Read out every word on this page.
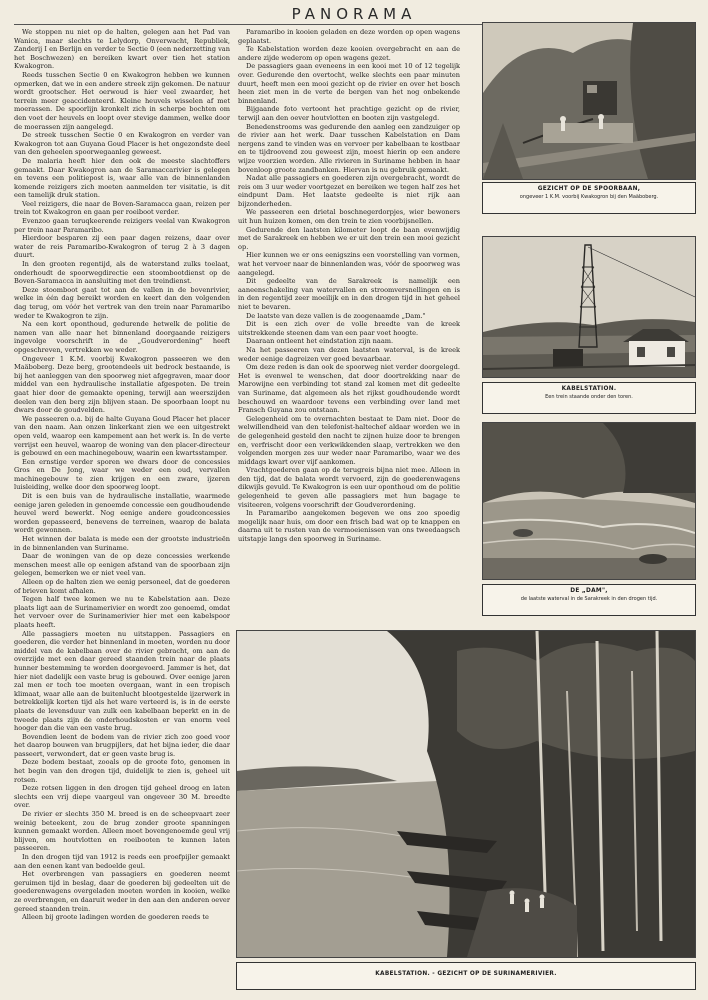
PANORAMA

We stoppen nu niet op de halten, gelegen aan het Pad van Wanica, maar slechts te Lelydorp, Onverwacht, Republiek, Zanderij I en Berlijn en verder te Sectie 0 (een nederzetting van het Boschwezen) en bereiken kwart over tien het station Kwakogron.

Reeds tusschen Sectie 0 en Kwakogron hebben we kunnen opmerken, dat we in een andere streek zijn gekomen. De natuur wordt grootscher. Het oerwoud is hier veel zwaarder, het terrein meer geaccidenteerd. Kleine heuvels wisselen af met moerassen. De spoorlijn kronkelt zich in scherpe bochten om den voet der heuvels en loopt over stevige dammen, welke door de moerassen zijn aangelegd.

De streek tusschen Sectie 0 en Kwakogron en verder van Kwakogron tot aan Guyana Goud Placer is het ongezondste deel van den geheelen spoorwegaanleg geweest.

De malaria heeft hier den ook de meeste slachtoffers gemaakt. Daar Kwakogron aan de Saramaccarivier is gelegen en tevens een politiepost is, waar alle van de binnenlanden komende reizigers zich moeten aanmelden ter visitatie, is dit een tamelijk druk station.

Veel reizigers, die naar de Boven-Saramacca gaan, reizen per trein tot Kwakogron en gaan per roeiboot verder.

Evenzoo gaan teruqkeerende reizigers veelal van Kwakogron per trein naar Paramaribo.

Hierdoor besparen zij een paar dagen reizens, daar over water de reis Paramaribo-Kwakogron of terug 2 à 3 dagen duurt.

In den grooten regentijd, als de waterstand zulks toelaat, onderhoudt de spoorwegdirectie een stoombootdienst op de Boven-Saramacca in aansluiting met den treindienst.

Deze stoomboot gaat tot aan de vallen in de bovenrivier, welke in één dag bereikt worden en keert dan den volgenden dag terug, om vóór het vertrek van den trein naar Paramaribo weder te Kwakogron te zijn.

Na een kort oponthoud, gedurende hetwelk de politie de namen van alle naar het binnenland doorgaande reizigers ingevolge voorschrift in de „Goudverordening" heeft opgeschreven, vertrekken we weder.

Ongeveer 1 K.M. voorbij Kwakogron passeeren we den Maäboberg. Deze berg, grootendeels uit bedrock bestaande, is bij het aanleggen van den spoorweg niet afgegraven, maar door middel van een hydraulische installatie afgespoten. De trein gaat hier door de gemaakte opening, terwijl aan weerszijden deelen van den berg zijn blijven staan. De spoorbaan loopt nu dwars door de goudvelden.

We passeeren o.a. bij de halte Guyana Goud Placer het placer van den naam. Aan onzen linkerkant zien we een uitgestrekt open veld, waarop een kampement aan het werk is. In de verte verrijst een heuvel, waarop de woning van den placer-directeur is gebouwd en een machinegebouw, waarin een kwartsstamper.

Een ernstige verder sporen we dwars door de concessies Gros en De Jong, waar we weder een oud, vervallen machinegebouw te zien krijgen en een zware, ijzeren luisleiding, welke door den spoorweg loopt.

Dit is een buis van de hydraulische installatie, waarmede eenige jaren geleden in genoemde concessie een goudhoudende heuvel werd bewerkt. Nog eenige andere goudconcessies worden gepasseerd, benevens de terreinen, waarop de balata wordt gewonnen.

Het winnen der balata is mede een der grootste industrieën in de binnenlanden van Suriname.

Daar de woningen van de op deze concessies werkende menschen meest alle op eenigen afstand van de spoorbaan zijn gelegen, bemerken we er niet veel van.

Alleen op de halten zien we eenig personeel, dat de goederen of brieven komt afhalen.

Tegen half twee komen we nu te Kabelstation aan. Deze plaats ligt aan de Surinamerivier en wordt zoo genoemd, omdat het vervoer over de Surinamerivier hier met een kabelspoor plaats heeft.

Alle passagiers moeten nu uitstappen. Passagiers en goederen, die verder het binnenland in moeten, worden nu door middel van de kabelbaan over de rivier gebracht, om aan de overzijde met een daar gereed staanden trein naar de plaats hunner bestemming te worden doorgevoerd. Jammer is het, dat hier niet dadelijk een vaste brug is gebouwd. Over eenige jaren zal men er toch toe moeten overgaan, want in een tropisch klimaat, waar alle aan de buitenlucht blootgestelde ijzerwerk in betrekkelijk korten tijd als het ware verteerd is, is in de eerste plaats de levensduur van zulk een kabelbaan beperkt en in de tweede plaats zijn de onderhoudskosten er van enorm veel hooger dan die van een vaste brug.

Bovendien leent de bodem van de rivier zich zoo goed voor het daarop bouwen van brugpijlers, dat het bijna ieder, die daar passeert, verwondert, dat er geen vaste brug is.

Deze bodem bestaat, zooals op de groote foto, genomen in het begin van den drogen tijd, duidelijk te zien is, geheel uit rotsen.

Deze rotsen liggen in den drogen tijd geheel droog en laten slechts een vrij diepe vaargeul van ongeveer 30 M. breedte over.

De rivier er slechts 350 M. breed is en de scheepvaart zeer weinig beteekent, zou de brug zonder groote spanningen kunnen gemaakt worden. Alleen moet bovengenoemde geul vrij blijven, om houtvlotten en roeibooten te kunnen laten passeeren.

In den drogen tijd van 1912 is reeds een proefpijler gemaakt aan den eenen kant van bedoelde geul.

Het overbrengen van passagiers en goederen neemt geruimen tijd in beslag, daar de goederen bij gedeelten uit de goederenwagens overgeladen moeten worden in kooien, welke ze overbrengen, en daaruit weder in den aan den anderen oever gereed staanden trein.

Alleen bij groote ladingen worden de goederen reeds te

Paramaribo in kooien geladen en deze worden op open wagens geplaatst.

Te Kabelstation worden deze kooien overgebracht en aan de andere zijde wederom op open wagens gezet.

De passagiers gaan eveneens in een kooi met 10 of 12 tegelijk over. Gedurende den overtocht, welke slechts een paar minuten duurt, heeft men een mooi gezicht op de rivier en over het bosch heen ziet men in de verte de bergen van het nog onbekende binnenland.

Bijgaande foto vertoont het prachtige gezicht op de rivier, terwijl aan den oever houtvlotten en booten zijn vastgelegd.

Benedenstrooms was gedurende den aanleg een zandzuiger op de rivier aan het werk. Daar tusschen Kabelstation en Dam nergens zand te vinden was en vervoer per kabelbaan te kostbaar en te tijdroovend zou geweest zijn, moest hierin op een andere wijze voorzien worden. Alle rivieren in Suriname hebben in haar bovenloop groote zandbanken. Hiervan is nu gebruik gemaakt.

Nadat alle passagiers en goederen zijn overgebracht, wordt de reis om 3 uur weder voortgezet en bereiken we tegen half zes het eindpunt Dam. Het laatste gedeelte is niet rijk aan bijzonderheden.

We passeeren een drietal boschnegerdorpjes, wier bewoners uit hun huizen komen, om den trein te zien voorbijsnellen.

Gedurende den laatsten kilometer loopt de baan evenwijdig met de Sarakreek en hebben we er uit den trein een mooi gezicht op.

Hier kunnen we er ons eenigszins een voorstelling van vormen, wat het vervoer naar de binnenlanden was, vóór de spoorweg was aangelegd.

Dit gedeelte van de Sarakreek is namelijk een aaneenschakeling van watervallen en stroomversnellingen en is in den regentijd zeer moeilijk en in den drogen tijd in het geheel niet te bevaren.

De laatste van deze vallen is de zoogenaamde „Dam."

Dit is een zich over de volle breedte van de kreek uitstrekkende steenen dam van een paar voet hoogte.

Daaraan ontleent het eindstation zijn naam.

Na het passeeren van dezen laatsten waterval, is de kreek weder eenige dagreizen ver goed bevaarbaar.

Om deze reden is dan ook de spoorweg niet verder doorgelegd. Het is evenwel te wenschen, dat door doortrekking naar de Marowijne een verbinding tot stand zal komen met dit gedeelte van Suriname, dat algemeen als het rijkst goudhoudende wordt beschouwd en waardoor tevens een verbinding over land met Fransch Guyana zou ontstaan.

Gelegenheid om te overnachten bestaat te Dam niet. Door de welwillendheid van den telefonist-haltechef aldaar worden we in de gelegenheid gesteld den nacht te zijnen huize door te brengen en, verfrischt door een verkwikkenden slaap, vertrekken we den volgenden morgen zes uur weder naar Paramaribo, waar we des middags kwart over vijf aankomen.

Vrachtgoederen gaan op de terugreis bijna niet mee. Alleen in den tijd, dat de balata wordt vervoerd, zijn de goederenwagens dikwijls gevuld. Te Kwakogron is een uur oponthoud om de politie gelegenheid te geven alle passagiers met hun bagage te visiteeren, volgens voorschrift der Goudverordening.

In Paramaribo aangekomen begeven we ons zoo spoedig mogelijk naar huis, om door een frisch bad wat op te knappen en daarna uit te rusten van de vermoeienissen van ons tweedaagsch uitstapje langs den spoorweg in Suriname.

GEZICHT OP DE SPOORBAAN,
ongeveer 1 K.M. voorbij Kwakogron bij den Maäboberg.
KABELSTATION.
Een trein staande onder den toren.
DE „DAM",
de laatste waterval in de Sarakreek in den drogen tijd.
KABELSTATION. - GEZICHT OP DE SURINAMERIVIER.
